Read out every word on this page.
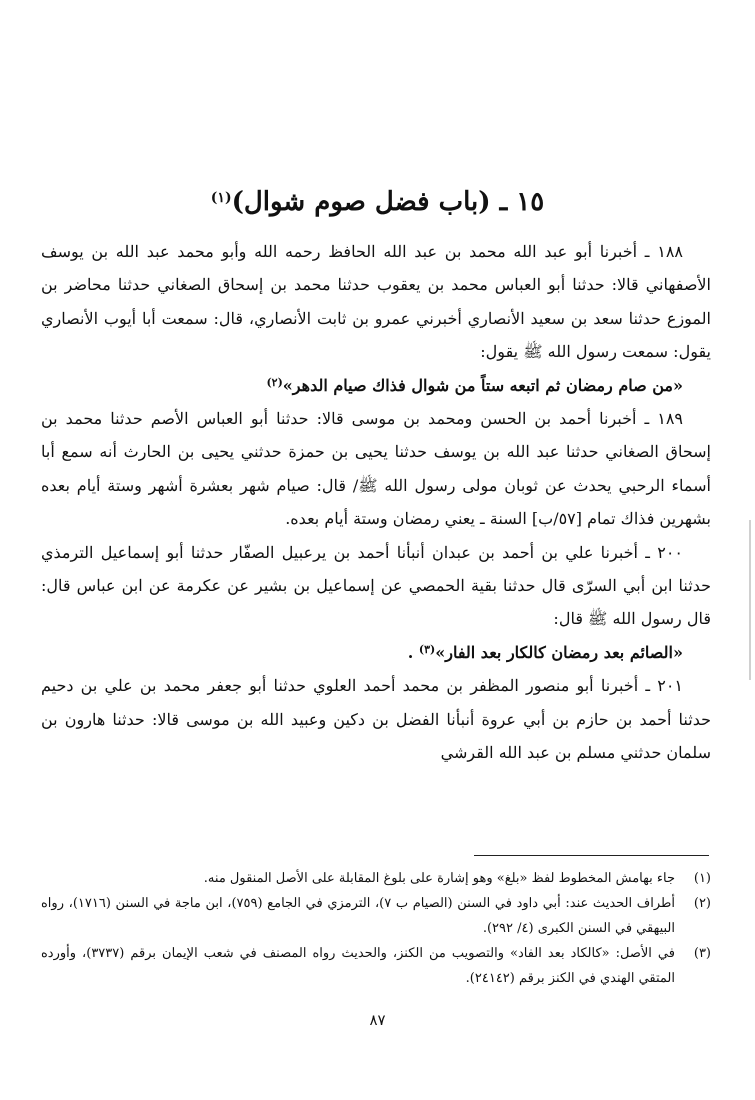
١٥ ـ (باب فضل صوم شوال)$^{(١)}$

١٨٨ ـ أخبرنا أبو عبد الله محمد بن عبد الله الحافظ رحمه الله وأبو محمد عبد الله بن يوسف الأصفهاني قالا: حدثنا أبو العباس محمد بن يعقوب حدثنا محمد بن إسحاق الصغاني حدثنا محاضر بن الموزع حدثنا سعد بن سعيد الأنصاري أخبرني عمرو بن ثابت الأنصاري، قال: سمعت أبا أيوب الأنصاري يقول: سمعت رسول الله ﷺ يقول:

«من صام رمضان ثم اتبعه ستاً من شوال فذاك صيام الدهر»$^{(٢)}$

١٨٩ ـ أخبرنا أحمد بن الحسن ومحمد بن موسى قالا: حدثنا أبو العباس الأصم حدثنا محمد بن إسحاق الصغاني حدثنا عبد الله بن يوسف حدثنا يحيى بن حمزة حدثني يحيى بن الحارث أنه سمع أبا أسماء الرحبي يحدث عن ثوبان مولى رسول الله ﷺ/ قال: صيام شهر بعشرة أشهر وستة أيام بعده بشهرين فذاك تمام [٥٧/ب] السنة ـ يعني رمضان وستة أيام بعده.

٢٠٠ ـ أخبرنا علي بن أحمد بن عبدان أنبأنا أحمد بن يرعبيل الصفّار حدثنا أبو إسماعيل الترمذي حدثنا ابن أبي السرّى قال حدثنا بقية الحمصي عن إسماعيل بن بشير عن عكرمة عن ابن عباس قال: قال رسول الله ﷺ قال:

«الصائم بعد رمضان كالكار بعد الفار»$^{(٣)}$ .

٢٠١ ـ أخبرنا أبو منصور المظفر بن محمد أحمد العلوي حدثنا أبو جعفر محمد بن علي بن دحيم حدثنا أحمد بن حازم بن أبي عروة أنبأنا الفضل بن دكين وعبيد الله بن موسى قالا: حدثنا هارون بن سلمان حدثني مسلم بن عبد الله القرشي

(١)
جاء بهامش المخطوط لفظ «بلغ» وهو إشارة على بلوغ المقابلة على الأصل المنقول منه.

(٢)
أطراف الحديث عند: أبي داود في السنن (الصيام ب ٧)، الترمزي في الجامع (٧٥٩)، ابن ماجة في السنن (١٧١٦)، رواه البيهقي في السنن الكبرى (٤/ ٢٩٢).

(٣)
في الأصل: «كالكاد بعد الفاد» والتصويب من الكنز، والحديث رواه المصنف في شعب الإيمان برقم (٣٧٣٧)، وأورده المتقي الهندي في الكنز برقم (٢٤١٤٢).

٨٧
